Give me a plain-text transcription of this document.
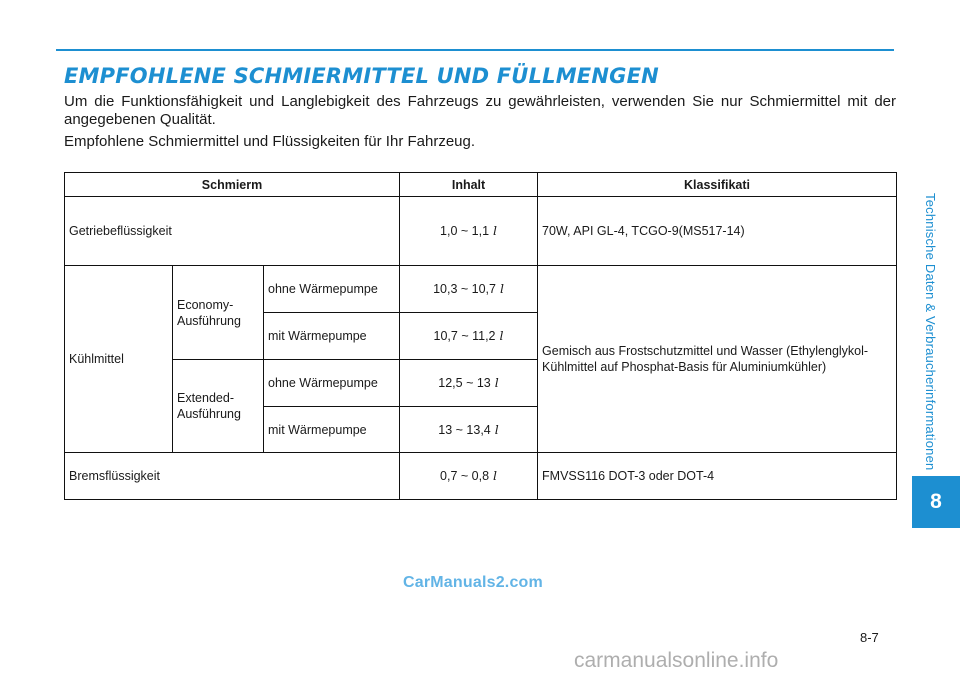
EMPFOHLENE SCHMIERMITTEL UND FÜLLMENGEN

Um die Funktionsfähigkeit und Langlebigkeit des Fahrzeugs zu gewährleisten, verwenden Sie nur Schmiermittel mit der angegebenen Qualität.

Empfohlene Schmiermittel und Flüssigkeiten für Ihr Fahrzeug.

Schmierm			Inhalt	Klassifikati
Getriebeflüssigkeit			1,0 ~ 1,1 l	70W, API GL-4, TCGO-9(MS517-14)
Kühlmittel	Economy-Ausführung	ohne Wärmepumpe	10,3 ~ 10,7 l	Gemisch aus Frostschutzmittel und Wasser (Ethylenglykol-Kühlmittel auf Phosphat-Basis für Aluminiumkühler)
		mit Wärmepumpe	10,7 ~ 11,2 l	
	Extended-Ausführung	ohne Wärmepumpe	12,5 ~ 13 l	
		mit Wärmepumpe	13 ~ 13,4 l	
Bremsflüssigkeit			0,7 ~ 0,8 l	FMVSS116 DOT-3 oder DOT-4
Technische Daten & Verbraucherinformationen
8
CarManuals2.com
8-7
carmanualsonline.info
